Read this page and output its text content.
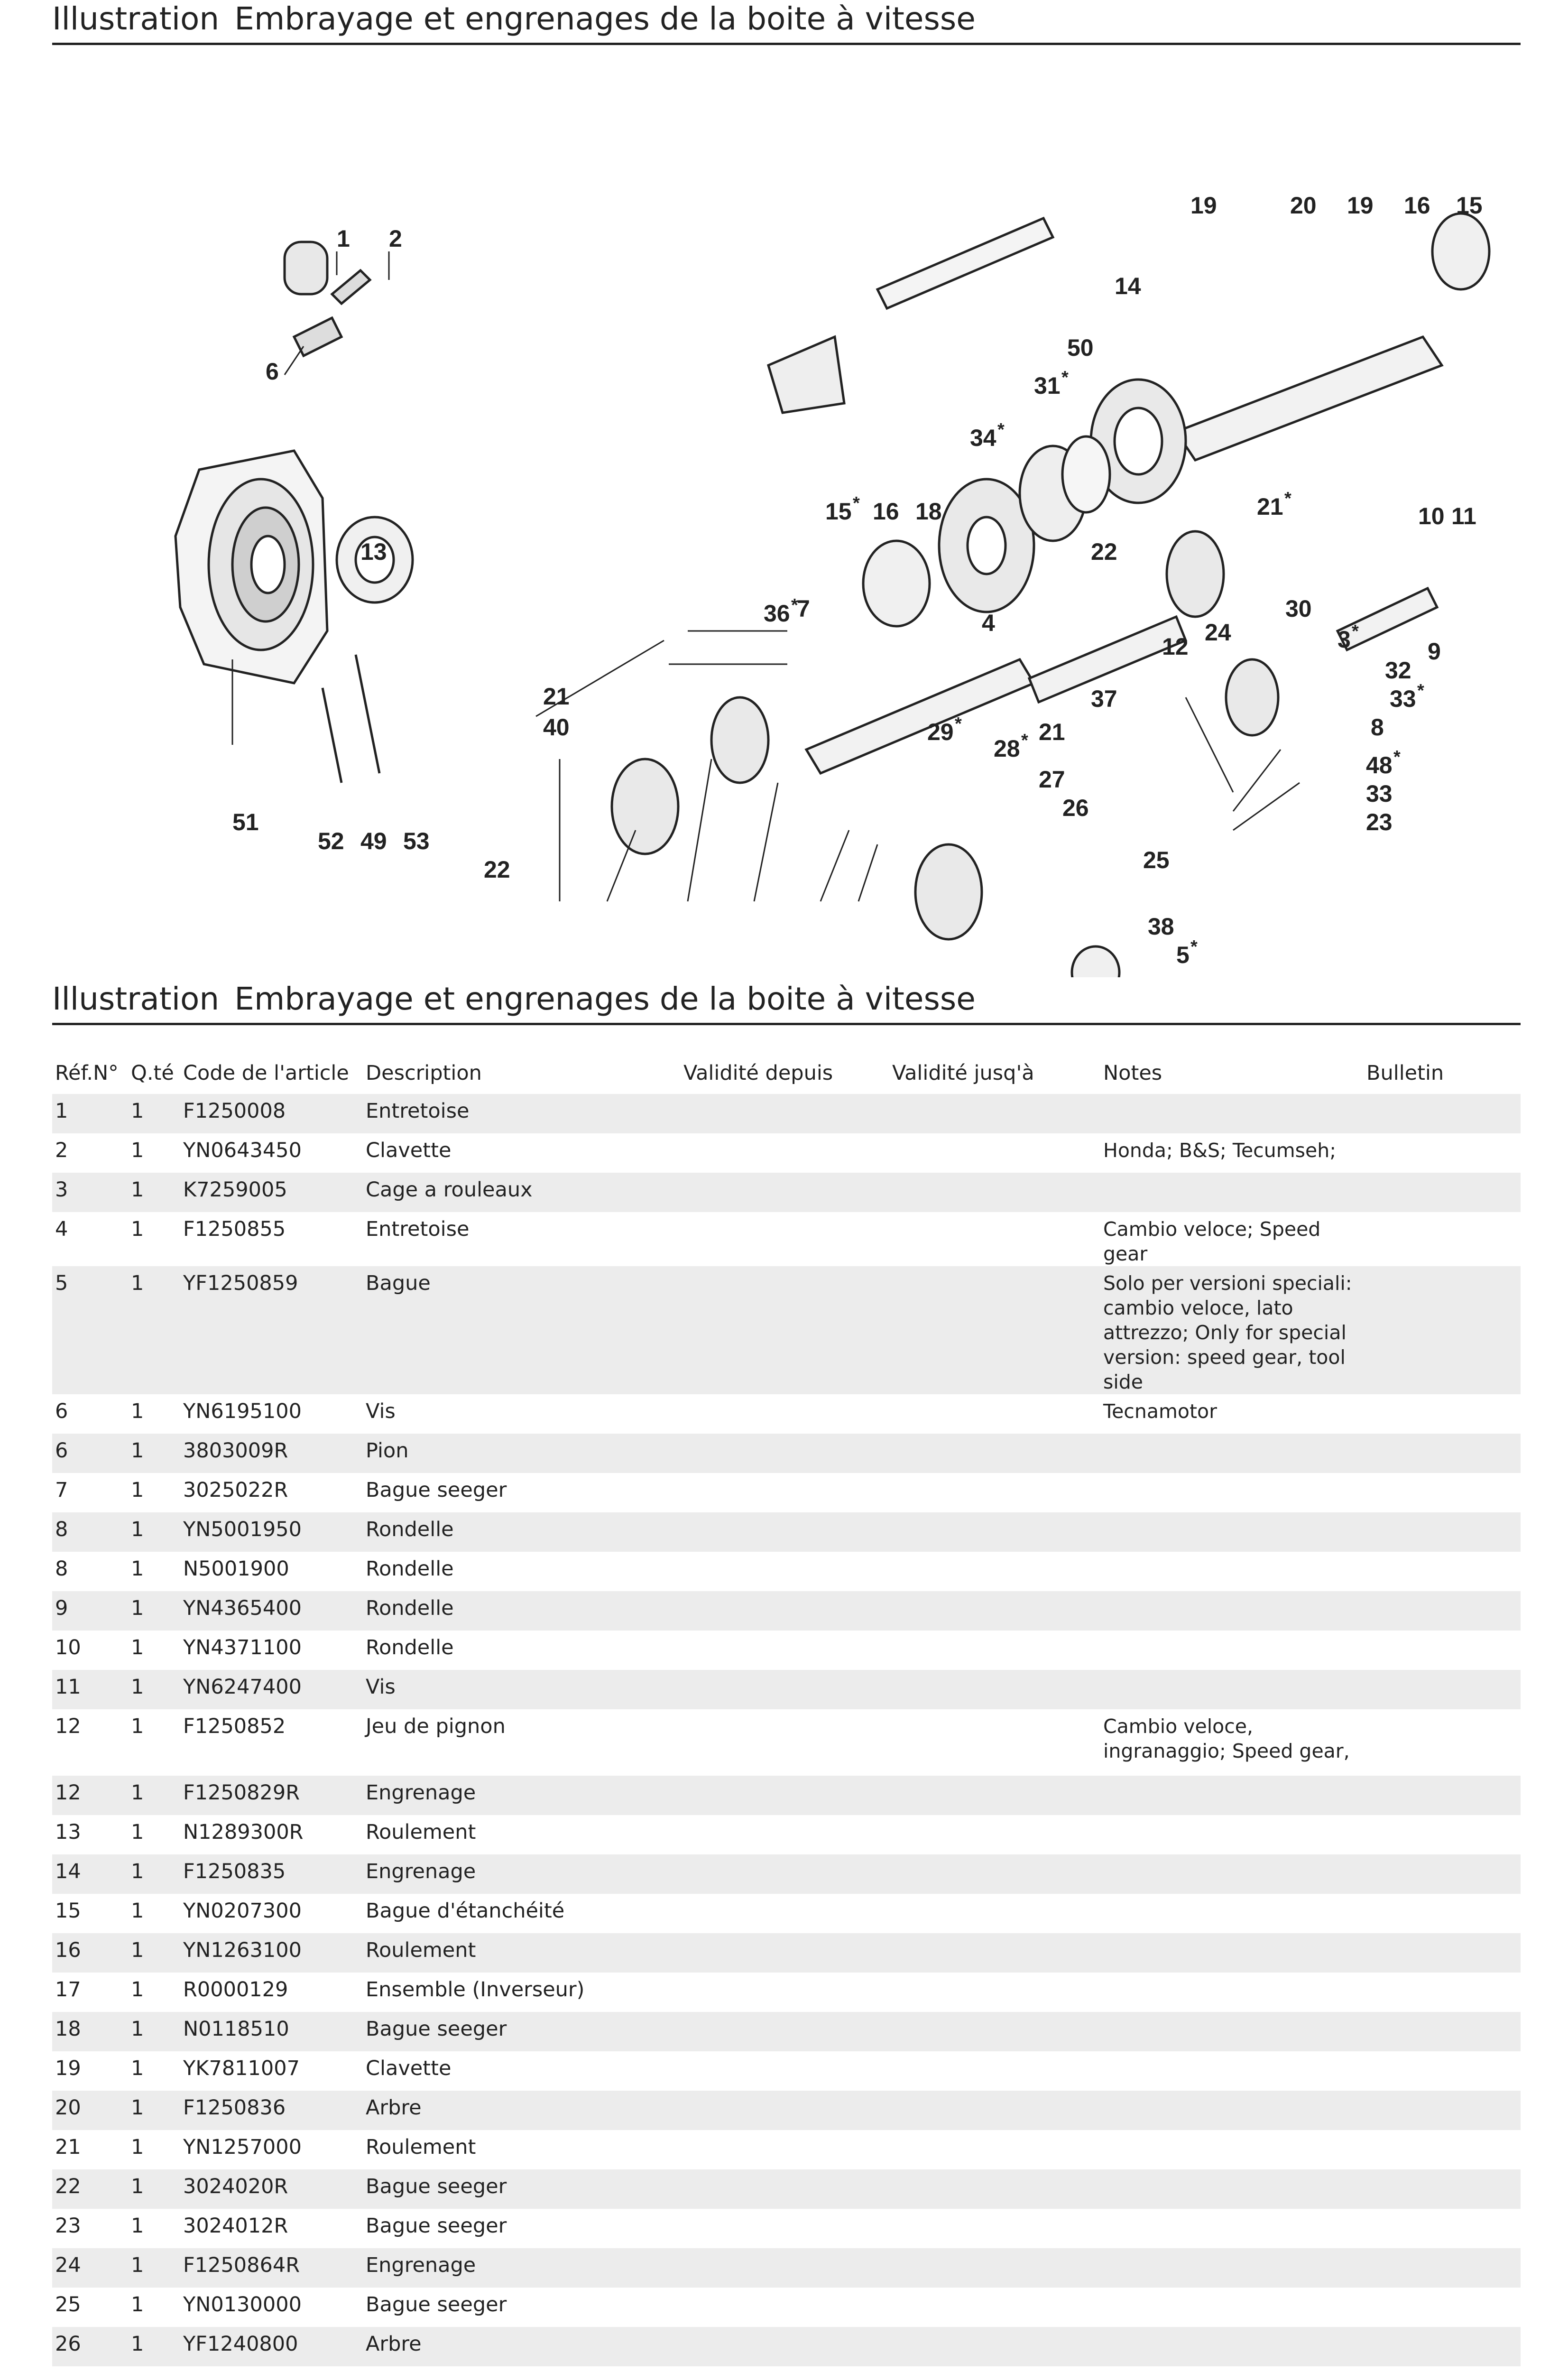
Illustration Embrayage et engrenages de la boite à vitesse
1 2
6
13
51
52 49 53
15 * 16 18
36 *
7
21
40
22
38
5 *
34 *
31 *
50
14
19	20 19 16 15
4
37
21
29 *
28 *
27
26
25
22
12
24
21 *
30
3 *
32
33 *
8
48 *
33
23
10 11
9
Illustration Embrayage et engrenages de la boite à vitesse
Réf.N°	Q.té	Code de l'article	Description	Validité depuis	Validité jusq'à	Notes	Bulletin
1	1	F1250008	Entretoise				
2	1	YN0643450	Clavette			Honda; B&S; Tecumseh;	
3	1	K7259005	Cage a rouleaux				
4	1	F1250855	Entretoise			Cambio veloce; Speed gear	
5	1	YF1250859	Bague			Solo per versioni speciali: cambio veloce, lato attrezzo; Only for special version: speed gear, tool side	
6	1	YN6195100	Vis			Tecnamotor	
6	1	3803009R	Pion				
7	1	3025022R	Bague seeger				
8	1	YN5001950	Rondelle				
8	1	N5001900	Rondelle				
9	1	YN4365400	Rondelle				
10	1	YN4371100	Rondelle				
11	1	YN6247400	Vis				
12	1	F1250852	Jeu de pignon			Cambio veloce, ingranaggio; Speed gear,	
12	1	F1250829R	Engrenage				
13	1	N1289300R	Roulement				
14	1	F1250835	Engrenage				
15	1	YN0207300	Bague d'étanchéité				
16	1	YN1263100	Roulement				
17	1	R0000129	Ensemble (Inverseur)				
18	1	N0118510	Bague seeger				
19	1	YK7811007	Clavette				
20	1	F1250836	Arbre				
21	1	YN1257000	Roulement				
22	1	3024020R	Bague seeger				
23	1	3024012R	Bague seeger				
24	1	F1250864R	Engrenage				
25	1	YN0130000	Bague seeger				
26	1	YF1240800	Arbre				
